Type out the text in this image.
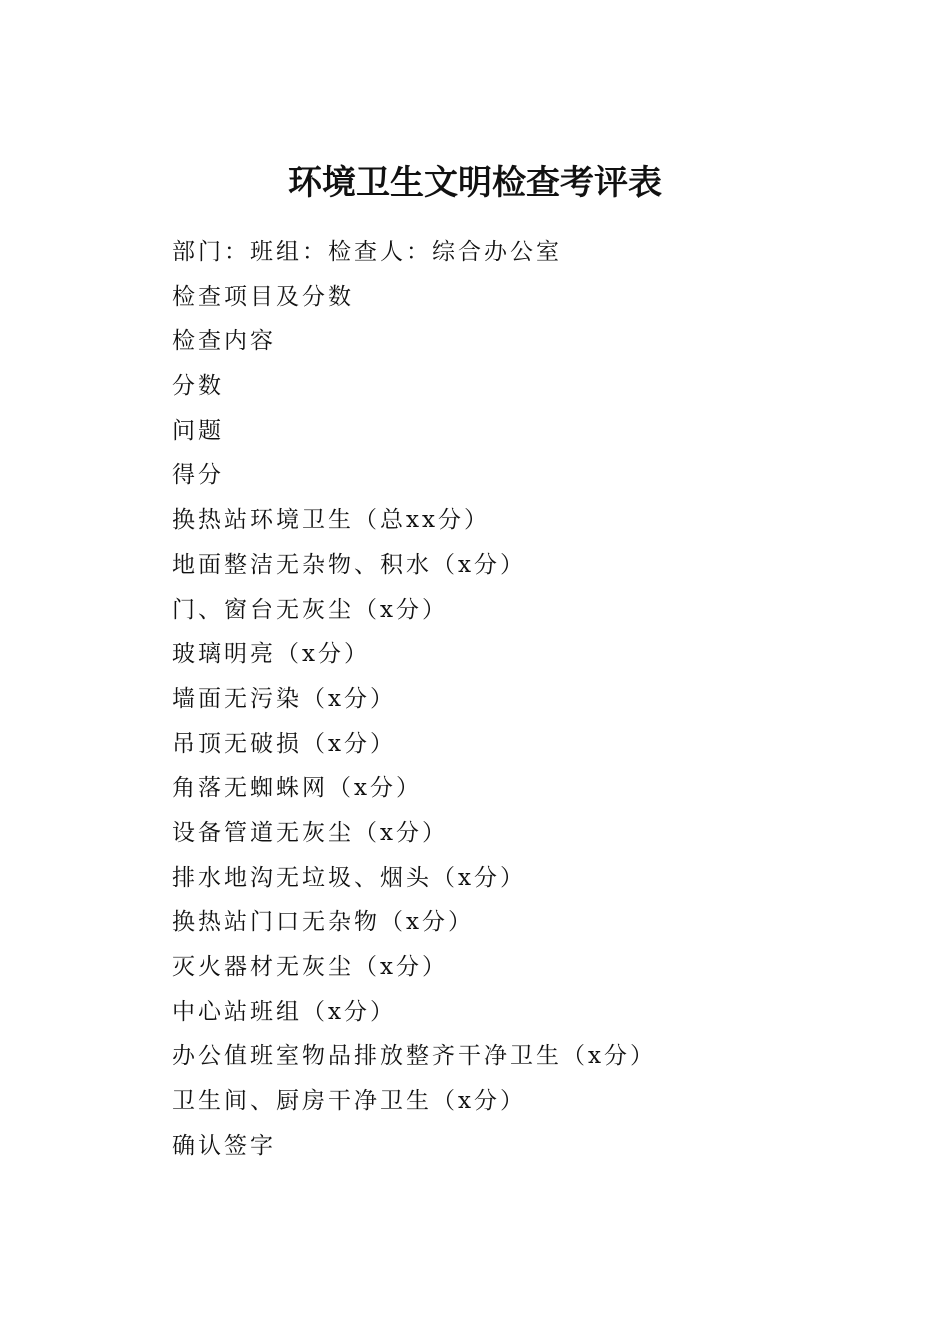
环境卫生文明检查考评表
部门：班组：检查人：综合办公室
检查项目及分数
检查内容
分数
问题
得分
换热站环境卫生（总xx分）
地面整洁无杂物、积水（x分）
门、窗台无灰尘（x分）
玻璃明亮（x分）
墙面无污染（x分）
吊顶无破损（x分）
角落无蜘蛛网（x分）
设备管道无灰尘（x分）
排水地沟无垃圾、烟头（x分）
换热站门口无杂物（x分）
灭火器材无灰尘（x分）
中心站班组（x分）
办公值班室物品排放整齐干净卫生（x分）
卫生间、厨房干净卫生（x分）
确认签字
